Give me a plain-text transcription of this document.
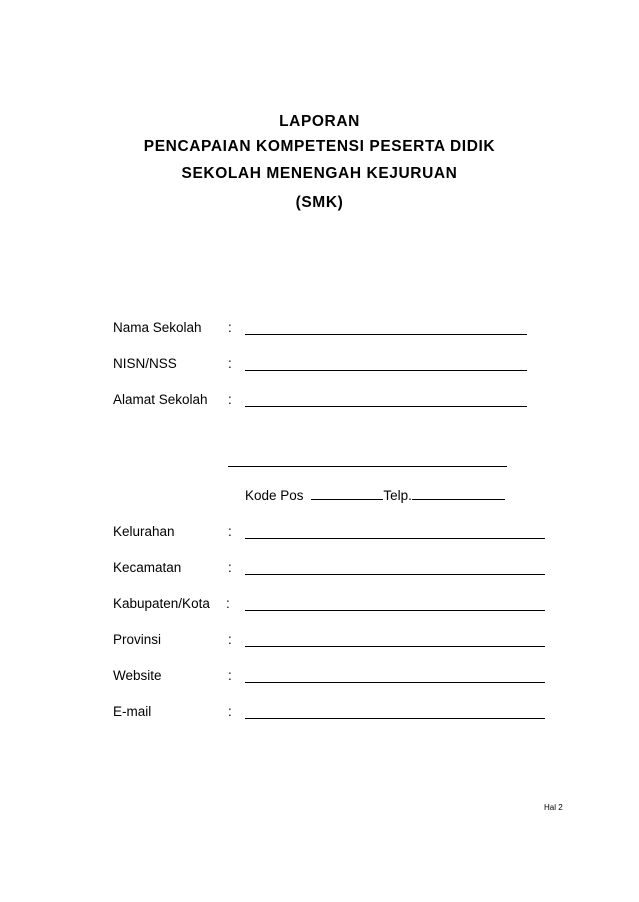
LAPORAN
PENCAPAIAN KOMPETENSI PESERTA DIDIK
SEKOLAH MENENGAH KEJURUAN
(SMK)
Nama Sekolah :
NISN/NSS	:
Alamat Sekolah :
Kode Pos	Telp.
Kelurahan	:
Kecamatan	:
Kabupaten/Kota :
Provinsi	:
Website	:
E-mail	:
Hal 2
